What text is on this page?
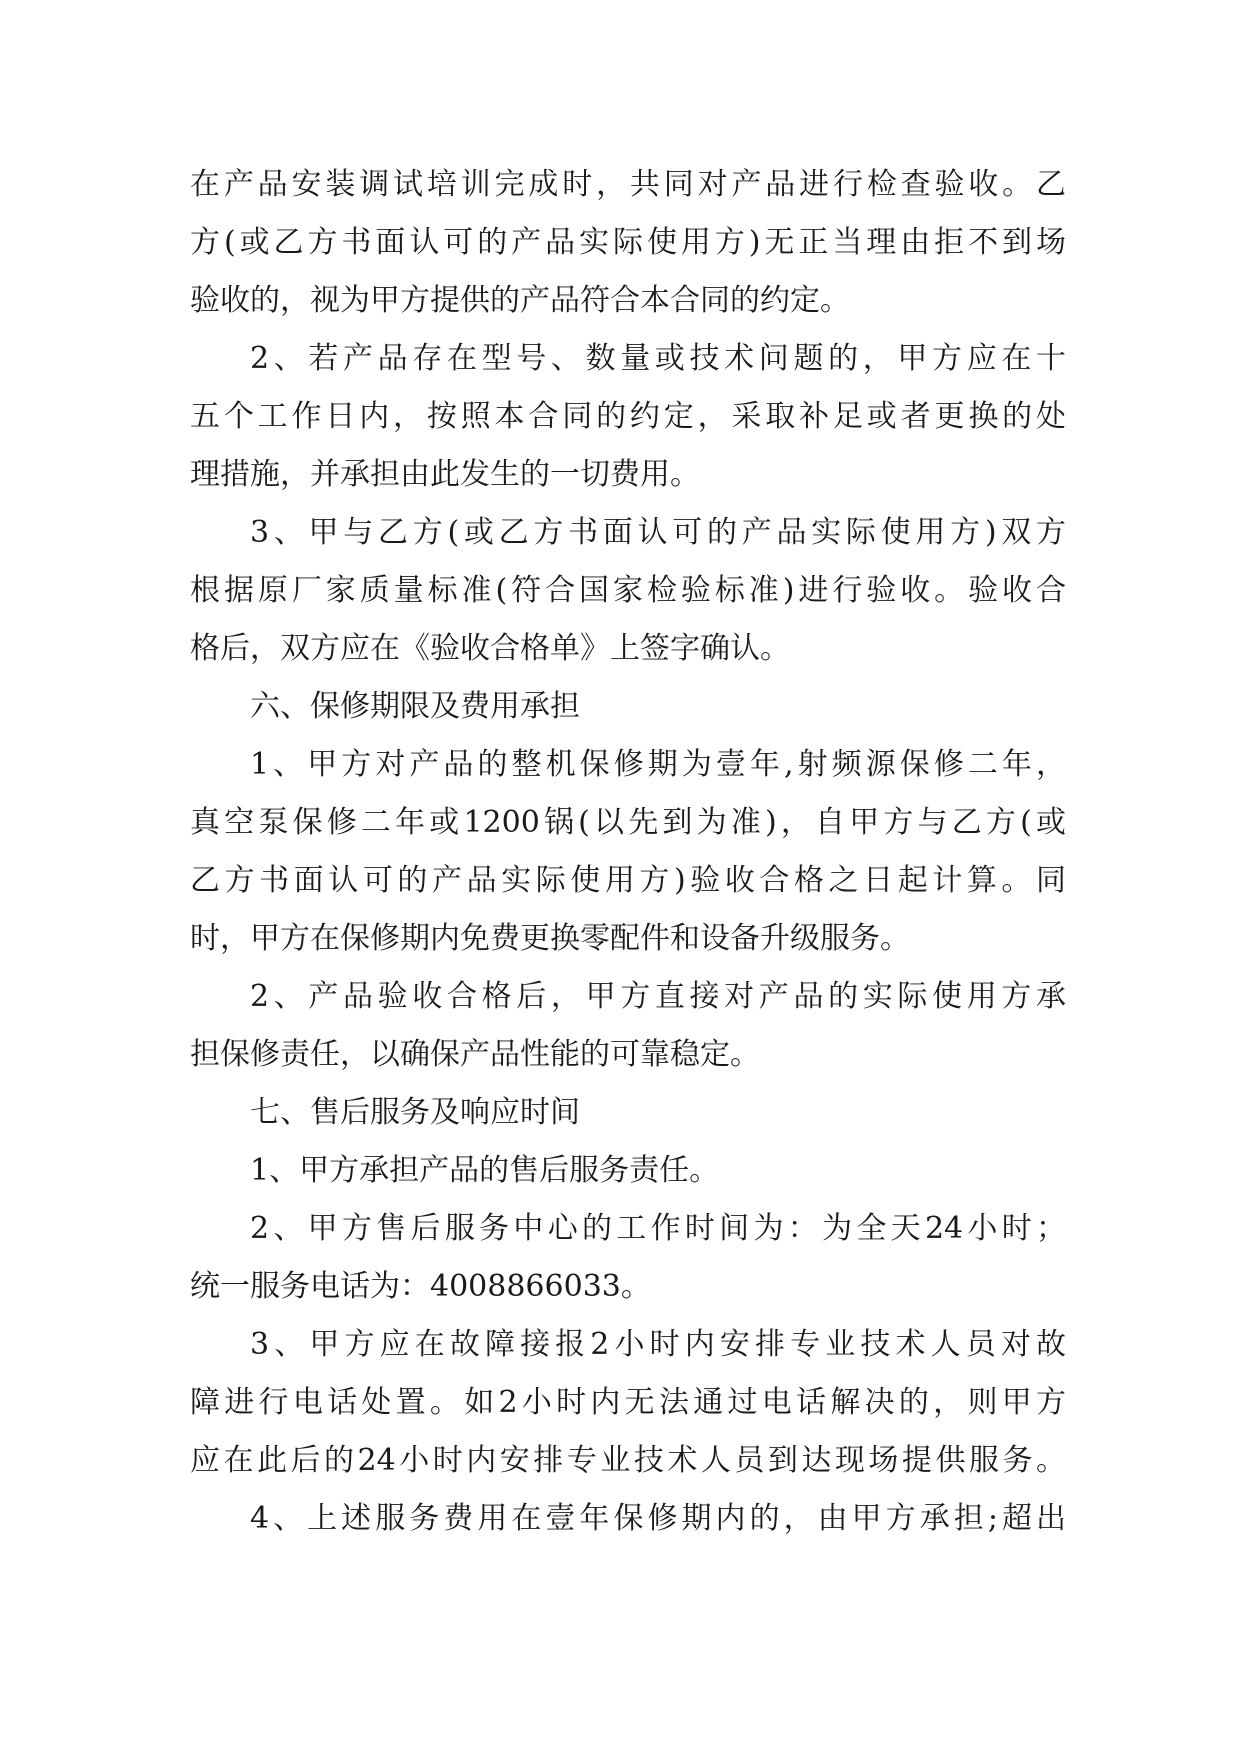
在产品安装调试培训完成时，共同对产品进行检查验收。乙
方(或乙方书面认可的产品实际使用方)无正当理由拒不到场
验收的，视为甲方提供的产品符合本合同的约定。
2、若产品存在型号、数量或技术问题的，甲方应在十
五个工作日内，按照本合同的约定，采取补足或者更换的处
理措施，并承担由此发生的一切费用。
3、甲与乙方(或乙方书面认可的产品实际使用方)双方
根据原厂家质量标准(符合国家检验标准)进行验收。验收合
格后，双方应在《验收合格单》上签字确认。
六、保修期限及费用承担
1、甲方对产品的整机保修期为壹年,射频源保修二年，
真空泵保修二年或1200锅(以先到为准)，自甲方与乙方(或
乙方书面认可的产品实际使用方)验收合格之日起计算。同
时，甲方在保修期内免费更换零配件和设备升级服务。
2、产品验收合格后，甲方直接对产品的实际使用方承
担保修责任，以确保产品性能的可靠稳定。
七、售后服务及响应时间
1、甲方承担产品的售后服务责任。
2、甲方售后服务中心的工作时间为：为全天24小时；
统一服务电话为：4008866033。
3、甲方应在故障接报2小时内安排专业技术人员对故
障进行电话处置。如2小时内无法通过电话解决的，则甲方
应在此后的24小时内安排专业技术人员到达现场提供服务。
4、上述服务费用在壹年保修期内的，由甲方承担;超出
